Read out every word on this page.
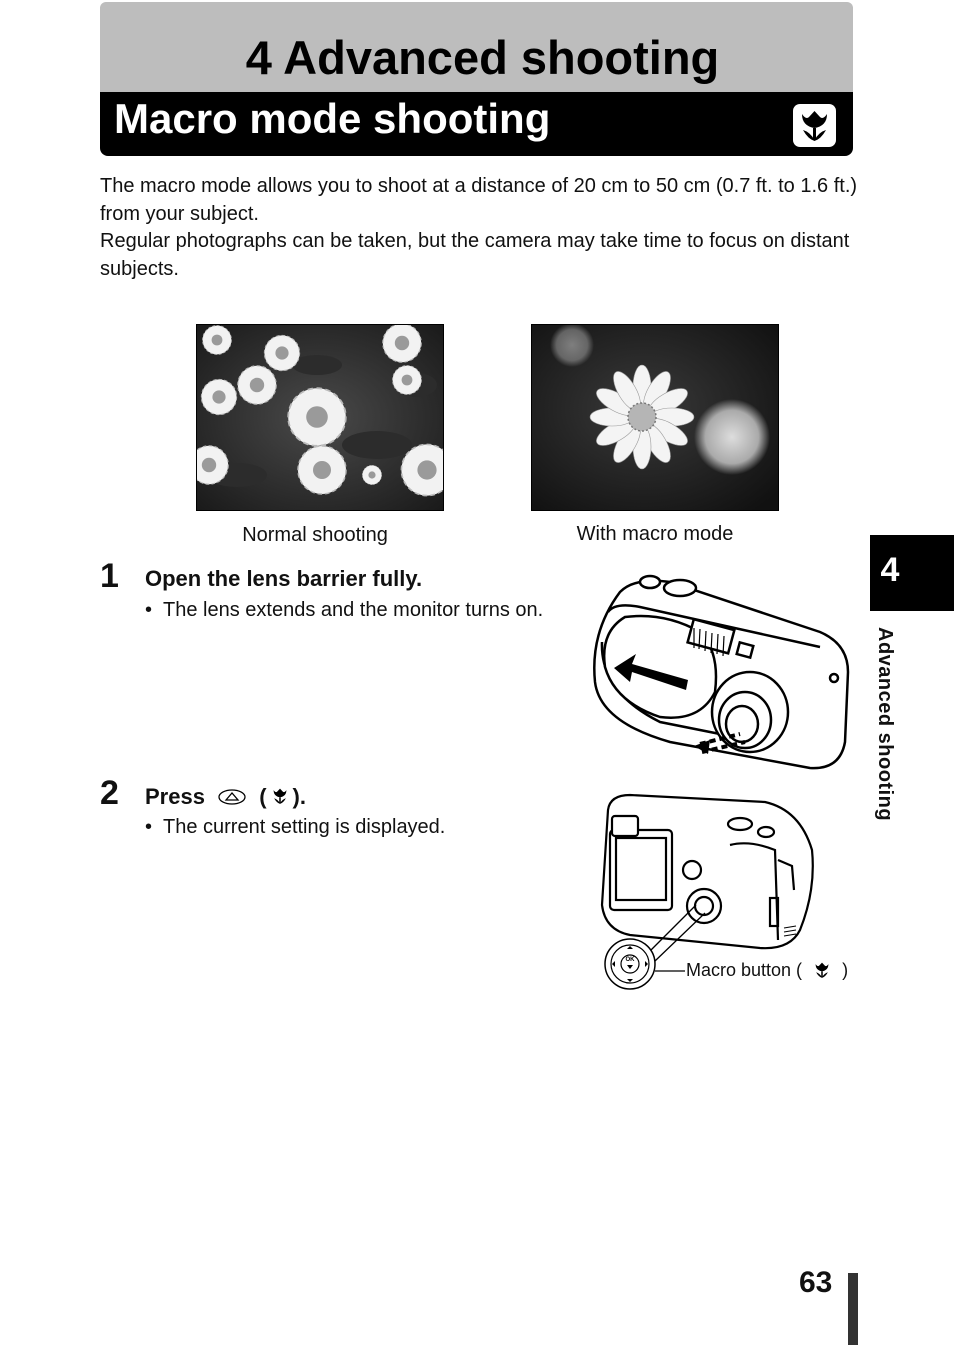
4 Advanced shooting
Macro mode shooting
The macro mode allows you to shoot at a distance of 20 cm to 50 cm (0.7 ft. to 1.6 ft.) from your subject.
Regular photographs can be taken, but the camera may take time to focus on distant subjects.
Normal shooting	With macro mode
1 Open the lens barrier fully.
• The lens extends and the monitor turns on.
2 Press ( ).
• The current setting is displayed.
OK	Macro button ( )
4
Advanced shooting
63
